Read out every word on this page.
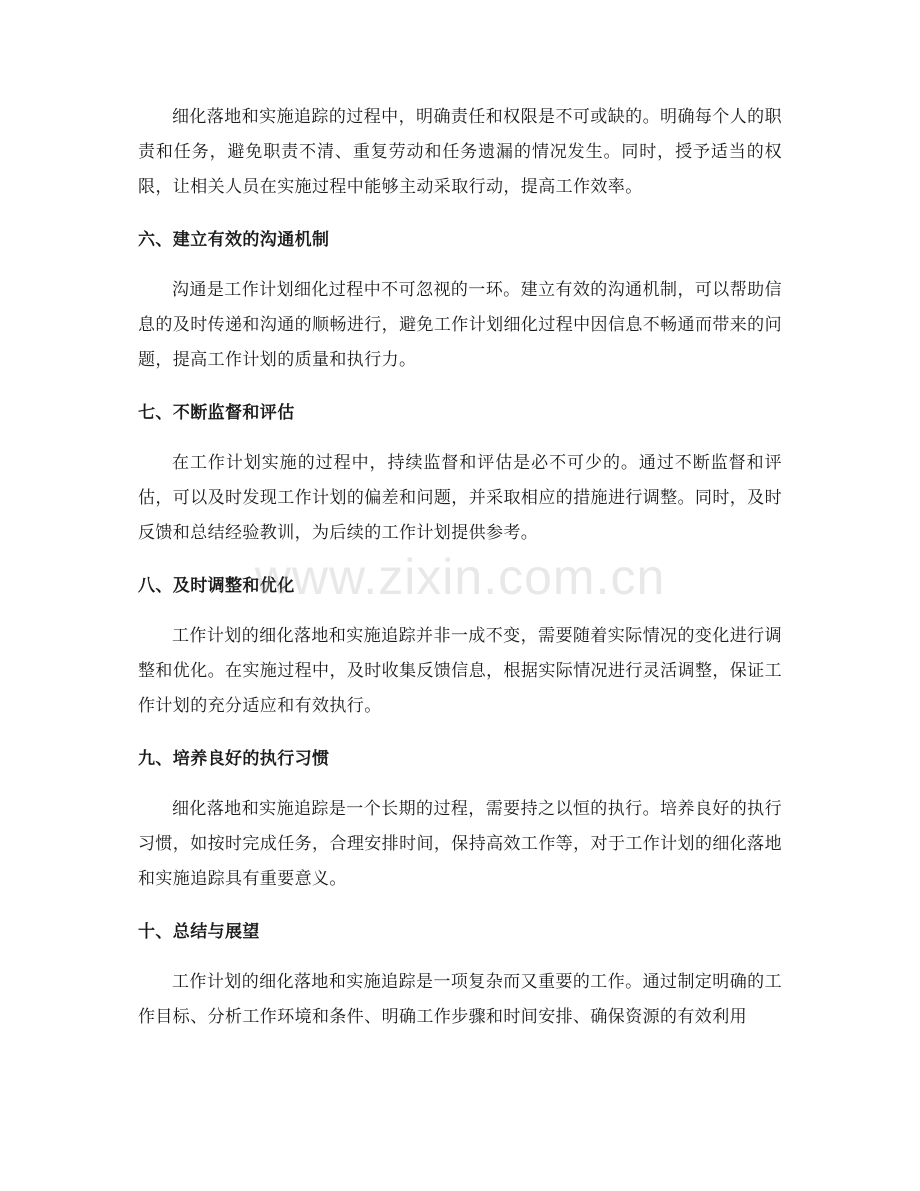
细化落地和实施追踪的过程中，明确责任和权限是不可或缺的。明确每个人的职责和任务，避免职责不清、重复劳动和任务遗漏的情况发生。同时，授予适当的权限，让相关人员在实施过程中能够主动采取行动，提高工作效率。

六、建立有效的沟通机制

沟通是工作计划细化过程中不可忽视的一环。建立有效的沟通机制，可以帮助信息的及时传递和沟通的顺畅进行，避免工作计划细化过程中因信息不畅通而带来的问题，提高工作计划的质量和执行力。

七、不断监督和评估

在工作计划实施的过程中，持续监督和评估是必不可少的。通过不断监督和评估，可以及时发现工作计划的偏差和问题，并采取相应的措施进行调整。同时，及时反馈和总结经验教训，为后续的工作计划提供参考。

八、及时调整和优化

工作计划的细化落地和实施追踪并非一成不变，需要随着实际情况的变化进行调整和优化。在实施过程中，及时收集反馈信息，根据实际情况进行灵活调整，保证工作计划的充分适应和有效执行。

九、培养良好的执行习惯

细化落地和实施追踪是一个长期的过程，需要持之以恒的执行。培养良好的执行习惯，如按时完成任务，合理安排时间，保持高效工作等，对于工作计划的细化落地和实施追踪具有重要意义。

十、总结与展望

工作计划的细化落地和实施追踪是一项复杂而又重要的工作。通过制定明确的工作目标、分析工作环境和条件、明确工作步骤和时间安排、确保资源的有效利用

www.zixin.com.cn
